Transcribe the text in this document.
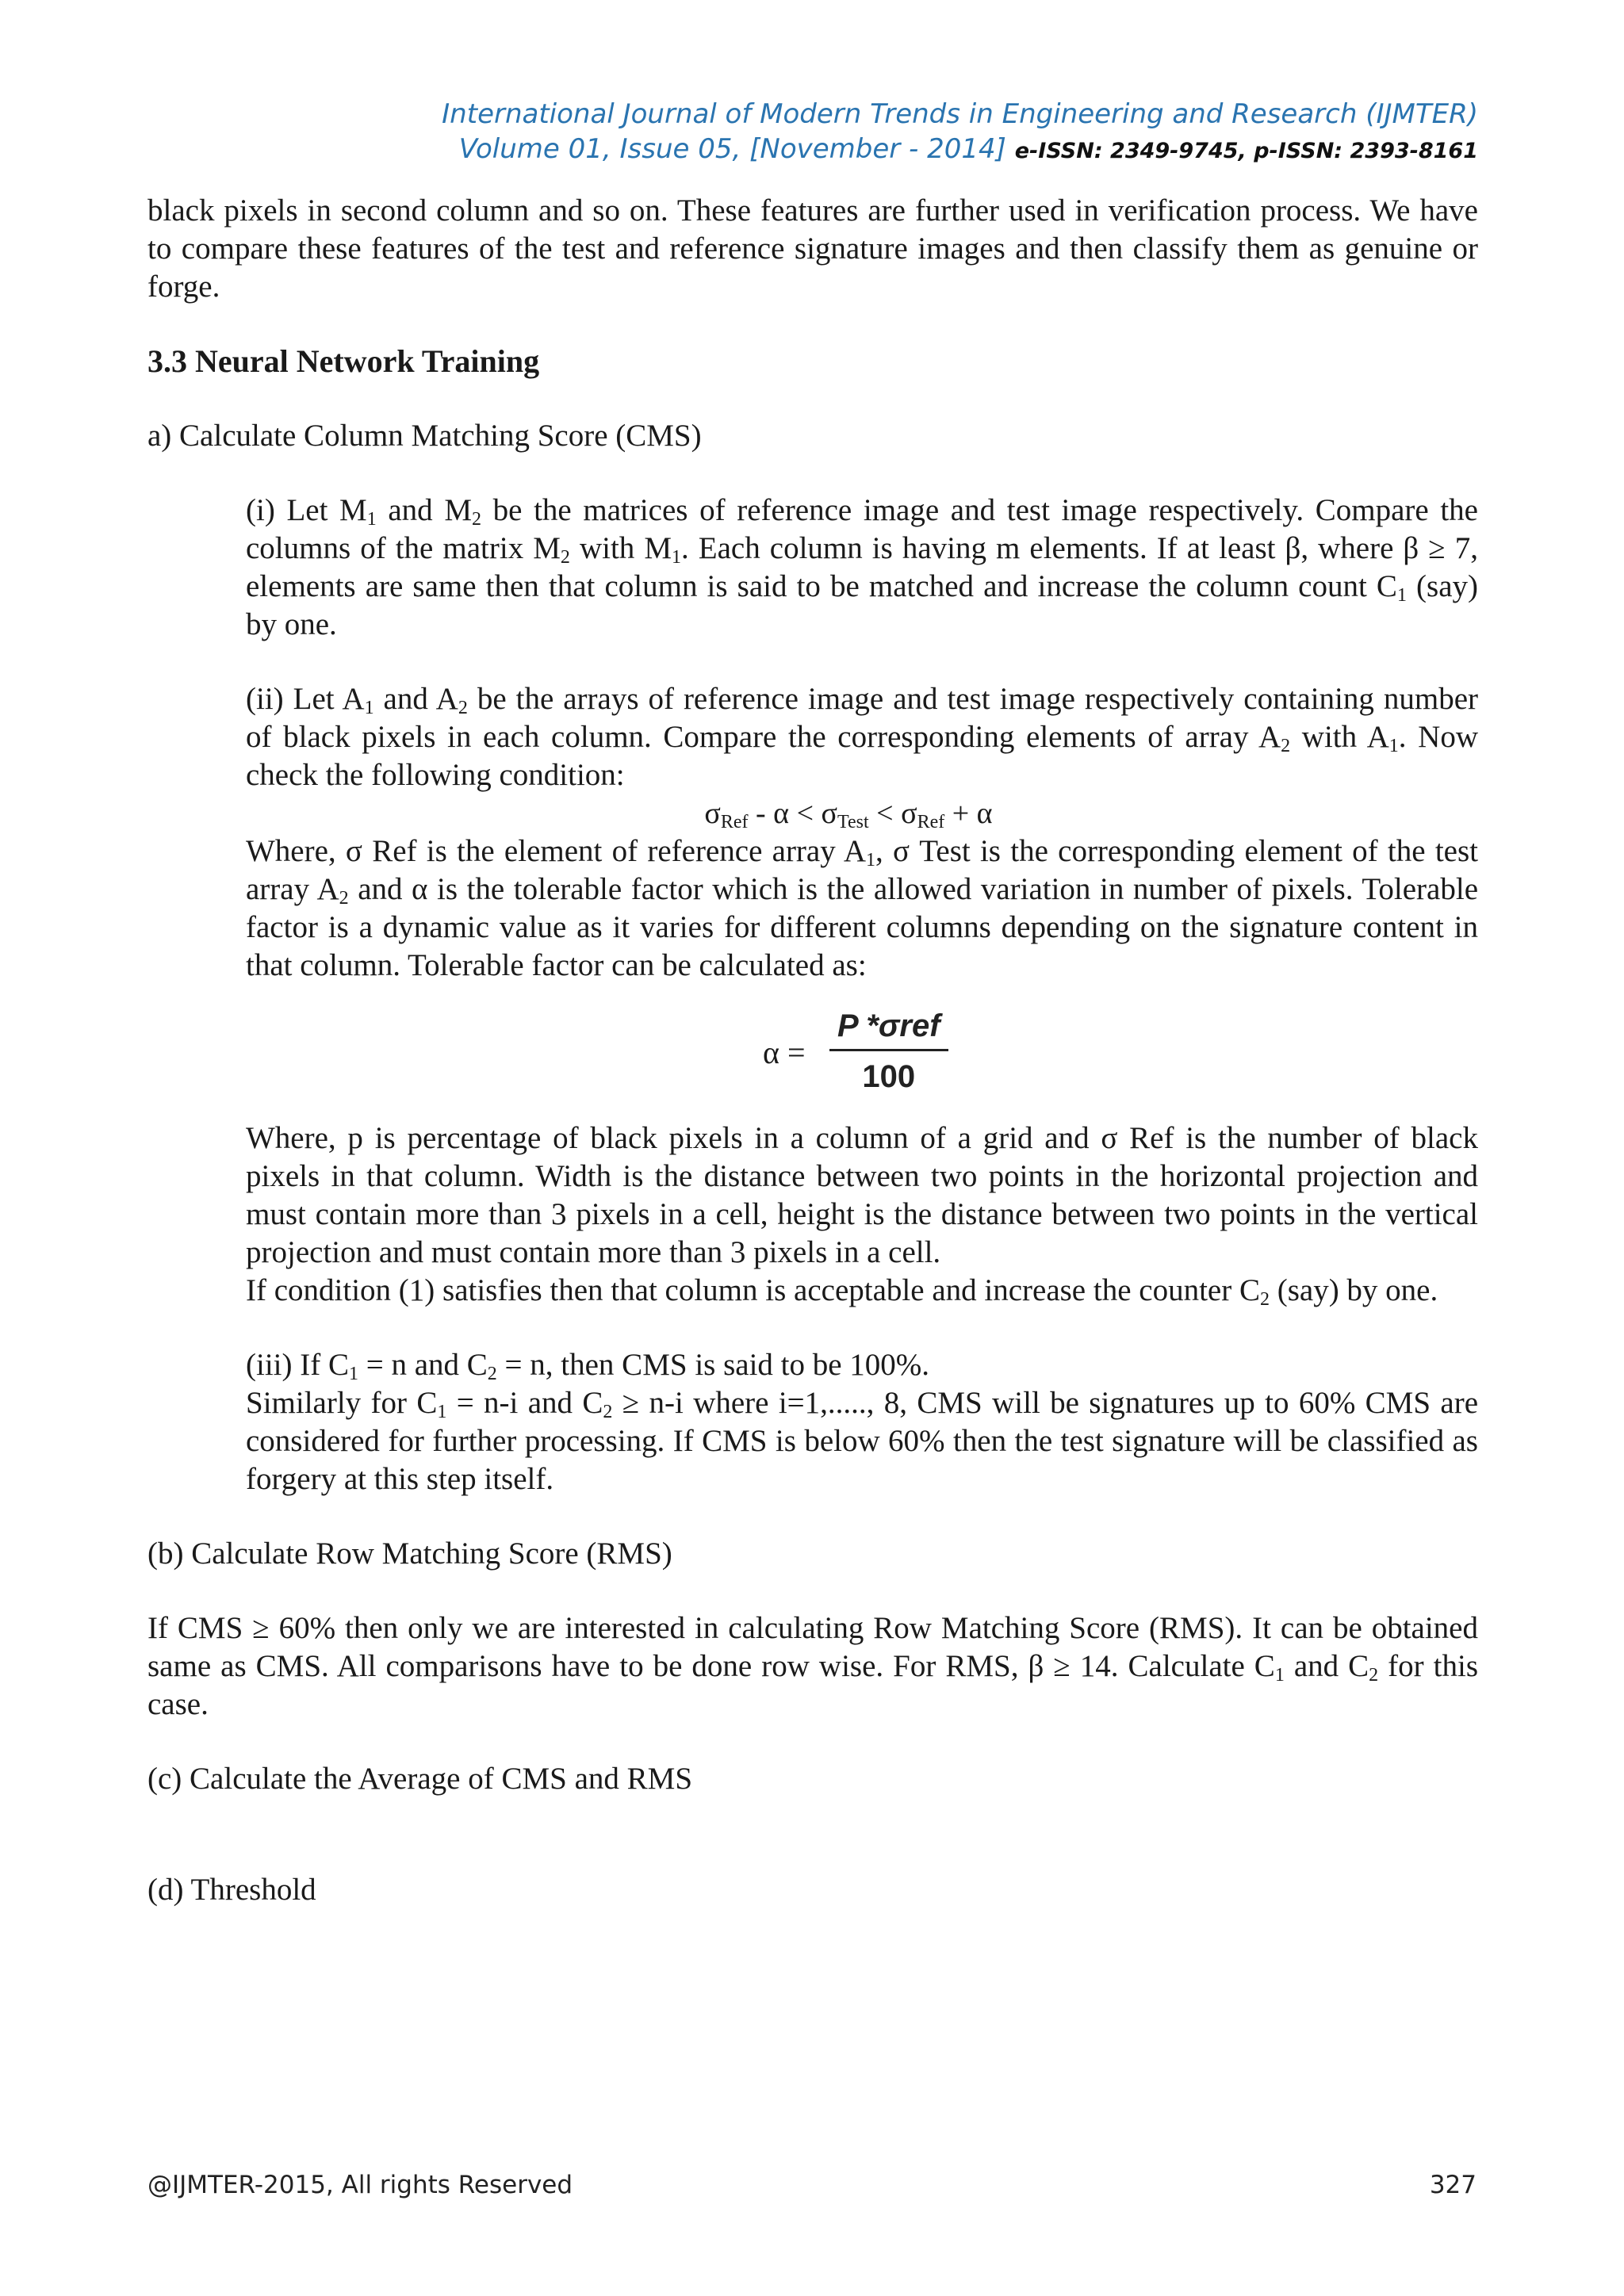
International Journal of Modern Trends in Engineering and Research (IJMTER)
Volume 01, Issue 05, [November - 2014] e-ISSN: 2349-9745, p-ISSN: 2393-8161

black pixels in second column and so on. These features are further used in verification process. We have to compare these features of the test and reference signature images and then classify them as genuine or forge.

3.3 Neural Network Training

a) Calculate Column Matching Score (CMS)

(i) Let $M_1$ and $M_2$ be the matrices of reference image and test image respectively. Compare the columns of the matrix $M_2$ with $M_1$. Each column is having m elements. If at least β, where β ≥ 7, elements are same then that column is said to be matched and increase the column count $C_1$ (say) by one.

(ii) Let $A_1$ and $A_2$ be the arrays of reference image and test image respectively containing number of black pixels in each column. Compare the corresponding elements of array $A_2$ with $A_1$. Now check the following condition:

$\sigma_{Ref} - \alpha < \sigma_{Test} < \sigma_{Ref} + \alpha$

Where, σ Ref is the element of reference array $A_1$, σ Test is the corresponding element of the test array $A_2$ and α is the tolerable factor which is the allowed variation in number of pixels. Tolerable factor is a dynamic value as it varies for different columns depending on the signature content in that column. Tolerable factor can be calculated as:

α =
P *σref
100

Where, p is percentage of black pixels in a column of a grid and σ Ref is the number of black pixels in that column. Width is the distance between two points in the horizontal projection and must contain more than 3 pixels in a cell, height is the distance between two points in the vertical projection and must contain more than 3 pixels in a cell.

If condition (1) satisfies then that column is acceptable and increase the counter $C_2$ (say) by one.

(iii) If $C_1 = n$ and $C_2 = n$, then CMS is said to be 100%.

Similarly for $C_1 = n-i$ and $C_2 \ge n-i$ where i=1,....., 8, CMS will be signatures up to 60% CMS are considered for further processing. If CMS is below 60% then the test signature will be classified as forgery at this step itself.

(b) Calculate Row Matching Score (RMS)

If CMS ≥ 60% then only we are interested in calculating Row Matching Score (RMS). It can be obtained same as CMS. All comparisons have to be done row wise. For RMS, β ≥ 14. Calculate $C_1$ and $C_2$ for this case.

(c) Calculate the Average of CMS and RMS

(d) Threshold

@IJMTER-2015, All rights Reserved	327
